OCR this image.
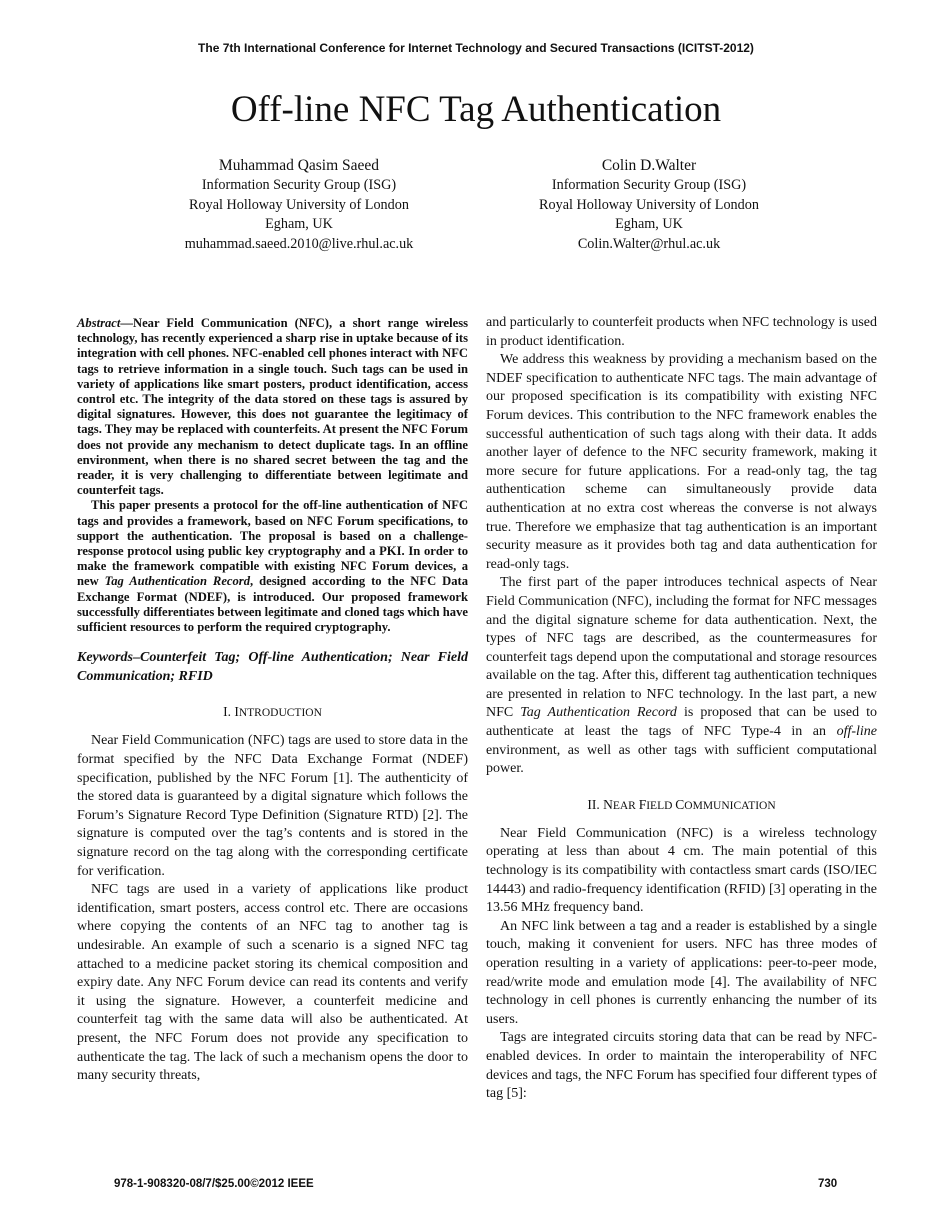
The 7th International Conference for Internet Technology and Secured Transactions (ICITST-2012)
Off-line NFC Tag Authentication
Muhammad Qasim Saeed
Information Security Group (ISG)
Royal Holloway University of London
Egham, UK
muhammad.saeed.2010@live.rhul.ac.uk
Colin D.Walter
Information Security Group (ISG)
Royal Holloway University of London
Egham, UK
Colin.Walter@rhul.ac.uk

Abstract—Near Field Communication (NFC), a short range wireless technology, has recently experienced a sharp rise in uptake because of its integration with cell phones. NFC-enabled cell phones interact with NFC tags to retrieve information in a single touch. Such tags can be used in variety of applications like smart posters, product identification, access control etc. The integrity of the data stored on these tags is assured by digital signatures. However, this does not guarantee the legitimacy of tags. They may be replaced with counterfeits. At present the NFC Forum does not provide any mechanism to detect duplicate tags. In an offline environment, when there is no shared secret between the tag and the reader, it is very challenging to differentiate between legitimate and counterfeit tags.

This paper presents a protocol for the off-line authentication of NFC tags and provides a framework, based on NFC Forum specifications, to support the authentication. The proposal is based on a challenge-response protocol using public key cryptography and a PKI. In order to make the framework compatible with existing NFC Forum devices, a new Tag Authentication Record, designed according to the NFC Data Exchange Format (NDEF), is introduced. Our proposed framework successfully differentiates between legitimate and cloned tags which have sufficient resources to perform the required cryptography.

Keywords–Counterfeit Tag; Off-line Authentication; Near Field Communication; RFID

I. INTRODUCTION

Near Field Communication (NFC) tags are used to store data in the format specified by the NFC Data Exchange Format (NDEF) specification, published by the NFC Forum [1]. The authenticity of the stored data is guaranteed by a digital signature which follows the Forum’s Signature Record Type Definition (Signature RTD) [2]. The signature is computed over the tag’s contents and is stored in the signature record on the tag along with the corresponding certificate for verification.

NFC tags are used in a variety of applications like product identification, smart posters, access control etc. There are occasions where copying the contents of an NFC tag to another tag is undesirable. An example of such a scenario is a signed NFC tag attached to a medicine packet storing its chemical composition and expiry date. Any NFC Forum device can read its contents and verify it using the signature. However, a counterfeit medicine and counterfeit tag with the same data will also be authenticated. At present, the NFC Forum does not provide any specification to authenticate the tag. The lack of such a mechanism opens the door to many security threats,

and particularly to counterfeit products when NFC technology is used in product identification.

We address this weakness by providing a mechanism based on the NDEF specification to authenticate NFC tags. The main advantage of our proposed specification is its compatibility with existing NFC Forum devices. This contribution to the NFC framework enables the successful authentication of such tags along with their data. It adds another layer of defence to the NFC security framework, making it more secure for future applications. For a read-only tag, the tag authentication scheme can simultaneously provide data authentication at no extra cost whereas the converse is not always true. Therefore we emphasize that tag authentication is an important security measure as it provides both tag and data authentication for read-only tags.

The first part of the paper introduces technical aspects of Near Field Communication (NFC), including the format for NFC messages and the digital signature scheme for data authentication. Next, the types of NFC tags are described, as the countermeasures for counterfeit tags depend upon the computational and storage resources available on the tag. After this, different tag authentication techniques are presented in relation to NFC technology. In the last part, a new NFC Tag Authentication Record is proposed that can be used to authenticate at least the tags of NFC Type-4 in an off-line environment, as well as other tags with sufficient computational power.

II. NEAR FIELD COMMUNICATION

Near Field Communication (NFC) is a wireless technology operating at less than about 4 cm. The main potential of this technology is its compatibility with contactless smart cards (ISO/IEC 14443) and radio-frequency identification (RFID) [3] operating in the 13.56 MHz frequency band.

An NFC link between a tag and a reader is established by a single touch, making it convenient for users. NFC has three modes of operation resulting in a variety of applications: peer-to-peer mode, read/write mode and emulation mode [4]. The availability of NFC technology in cell phones is currently enhancing the number of its users.

Tags are integrated circuits storing data that can be read by NFC-enabled devices. In order to maintain the interoperability of NFC devices and tags, the NFC Forum has specified four different types of tag [5]:

978-1-908320-08/7/$25.00©2012 IEEE	730
